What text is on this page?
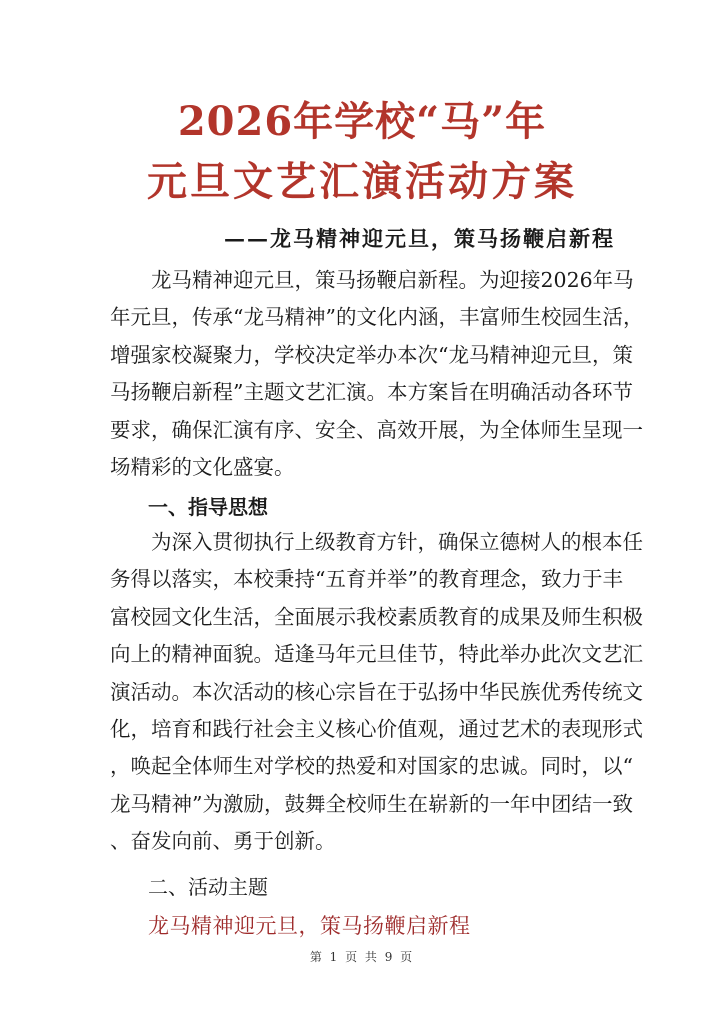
2026年学校“马”年
元旦文艺汇演活动方案
——龙马精神迎元旦，策马扬鞭启新程
　　龙马精神迎元旦，策马扬鞭启新程。为迎接2026年马
年元旦，传承“龙马精神”的文化内涵，丰富师生校园生活，
增强家校凝聚力，学校决定举办本次“龙马精神迎元旦，策
马扬鞭启新程”主题文艺汇演。本方案旨在明确活动各环节
要求，确保汇演有序、安全、高效开展，为全体师生呈现一
场精彩的文化盛宴。
一、指导思想
　　为深入贯彻执行上级教育方针，确保立德树人的根本任
务得以落实，本校秉持“五育并举”的教育理念，致力于丰
富校园文化生活，全面展示我校素质教育的成果及师生积极
向上的精神面貌。适逢马年元旦佳节，特此举办此次文艺汇
演活动。本次活动的核心宗旨在于弘扬中华民族优秀传统文
化，培育和践行社会主义核心价值观，通过艺术的表现形式
，唤起全体师生对学校的热爱和对国家的忠诚。同时，以“
龙马精神”为激励，鼓舞全校师生在崭新的一年中团结一致
、奋发向前、勇于创新。
二、活动主题
龙马精神迎元旦，策马扬鞭启新程
第 1 页 共 9 页
